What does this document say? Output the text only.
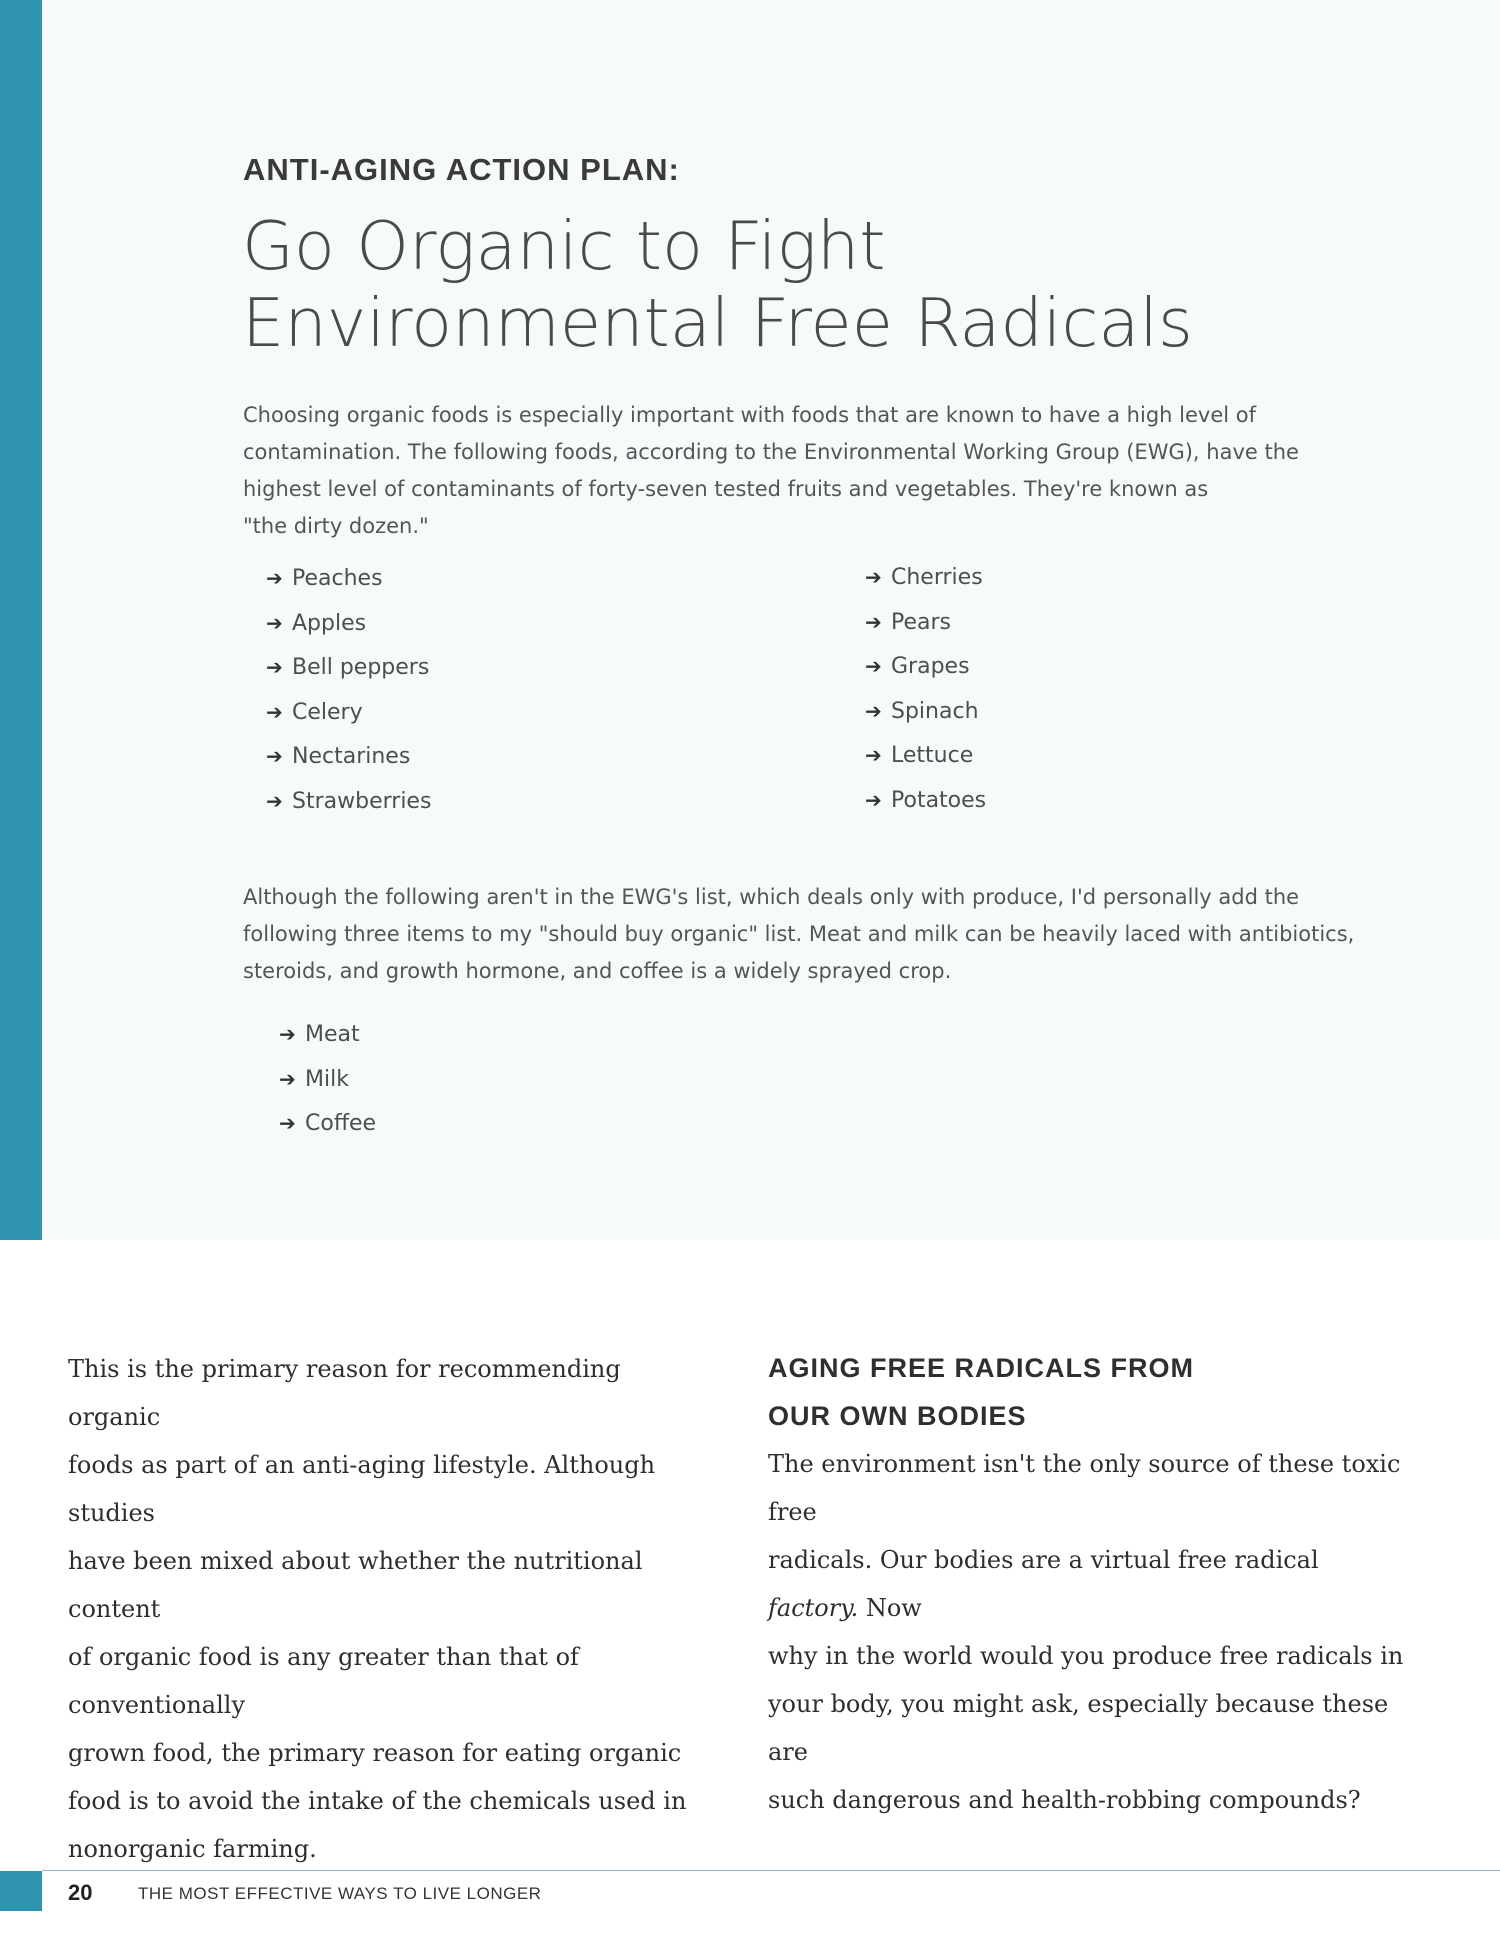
ANTI-AGING ACTION PLAN:
Go Organic to Fight
Environmental Free Radicals
Choosing organic foods is especially important with foods that are known to have a high level of
contamination. The following foods, according to the Environmental Working Group (EWG), have the
highest level of contaminants of forty-seven tested fruits and vegetables. They're known as
"the dirty dozen."
➔ Peaches
➔ Apples
➔ Bell peppers
➔ Celery
➔ Nectarines
➔ Strawberries
➔ Cherries
➔ Pears
➔ Grapes
➔ Spinach
➔ Lettuce
➔ Potatoes
Although the following aren't in the EWG's list, which deals only with produce, I'd personally add the
following three items to my "should buy organic" list. Meat and milk can be heavily laced with antibiotics,
steroids, and growth hormone, and coffee is a widely sprayed crop.
➔ Meat
➔ Milk
➔ Coffee
This is the primary reason for recommending organic
foods as part of an anti-aging lifestyle. Although studies
have been mixed about whether the nutritional content
of organic food is any greater than that of conventionally
grown food, the primary reason for eating organic
food is to avoid the intake of the chemicals used in
nonorganic farming.
AGING FREE RADICALS FROM
OUR OWN BODIES
The environment isn't the only source of these toxic free
radicals. Our bodies are a virtual free radical factory. Now
why in the world would you produce free radicals in
your body, you might ask, especially because these are
such dangerous and health-robbing compounds?
20	THE MOST EFFECTIVE WAYS TO LIVE LONGER
